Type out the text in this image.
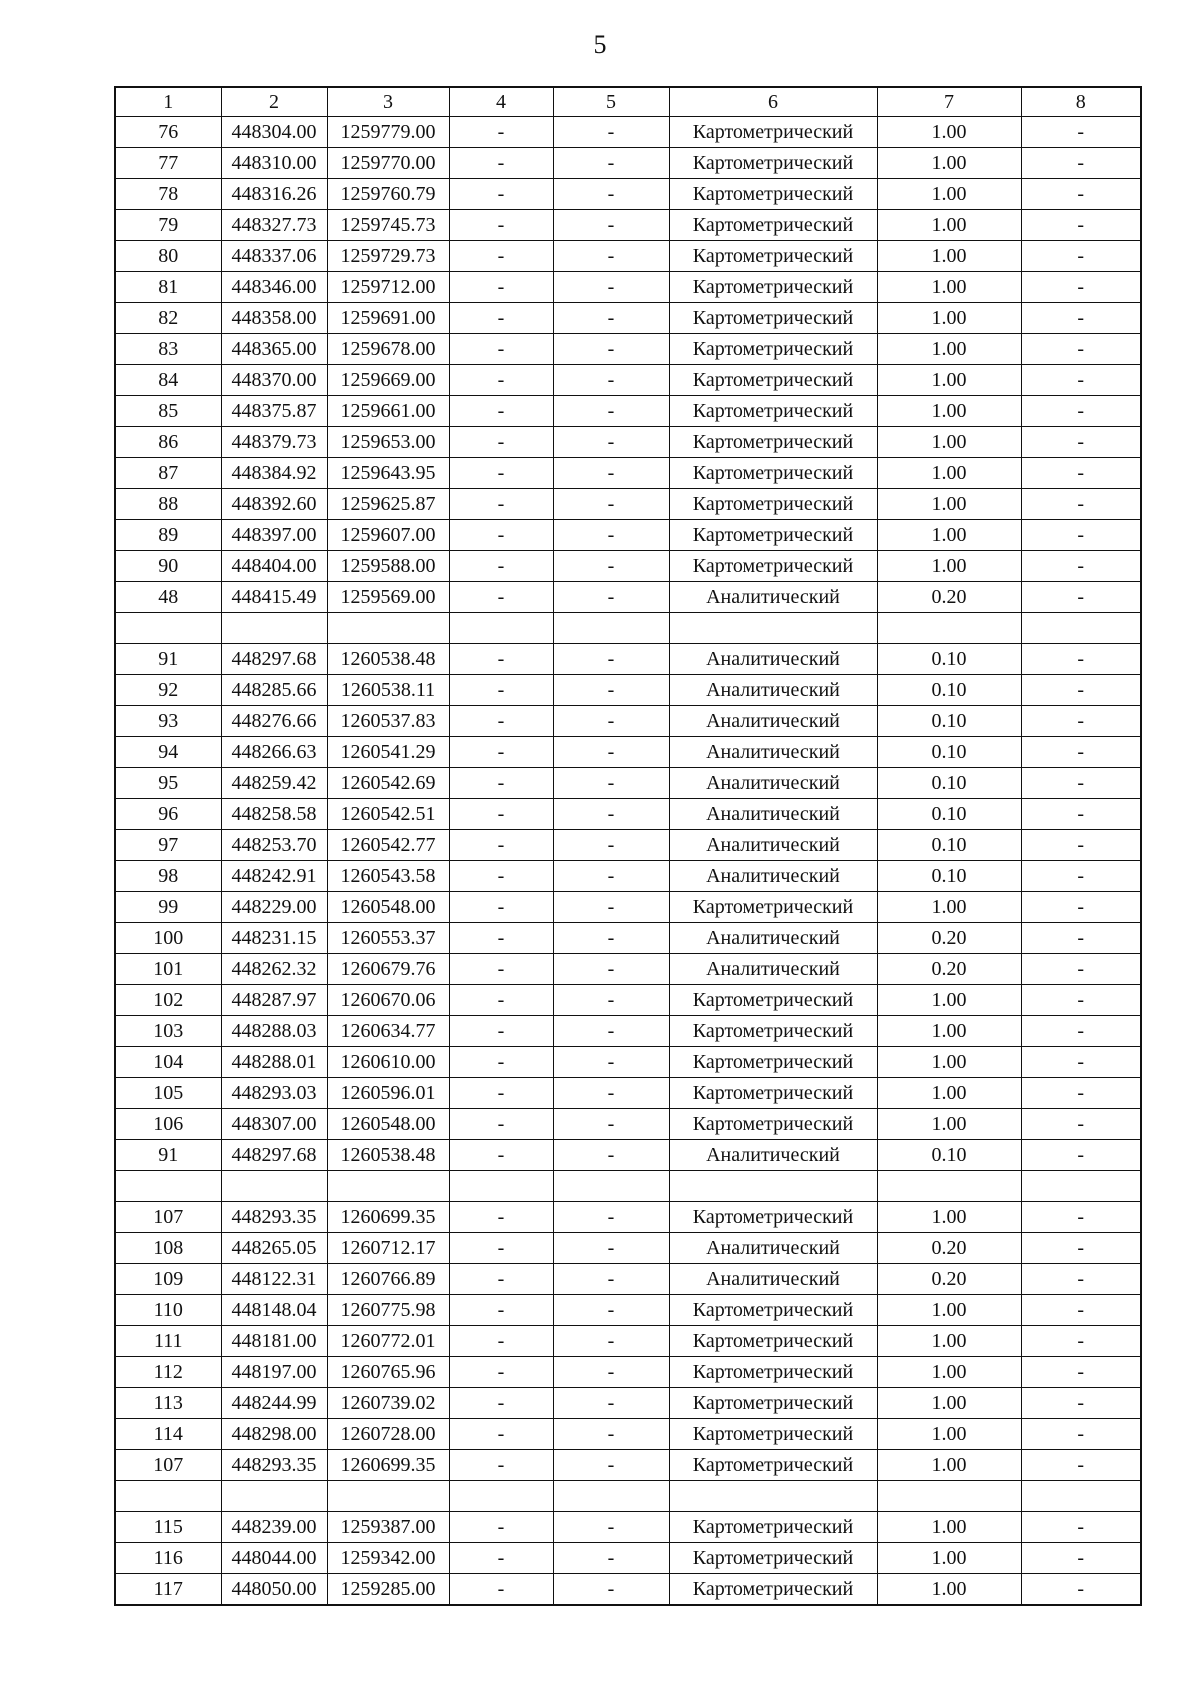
5
1	2	3	4	5	6	7	8
76	448304.00	1259779.00	-	-	Картометрический	1.00	-
77	448310.00	1259770.00	-	-	Картометрический	1.00	-
78	448316.26	1259760.79	-	-	Картометрический	1.00	-
79	448327.73	1259745.73	-	-	Картометрический	1.00	-
80	448337.06	1259729.73	-	-	Картометрический	1.00	-
81	448346.00	1259712.00	-	-	Картометрический	1.00	-
82	448358.00	1259691.00	-	-	Картометрический	1.00	-
83	448365.00	1259678.00	-	-	Картометрический	1.00	-
84	448370.00	1259669.00	-	-	Картометрический	1.00	-
85	448375.87	1259661.00	-	-	Картометрический	1.00	-
86	448379.73	1259653.00	-	-	Картометрический	1.00	-
87	448384.92	1259643.95	-	-	Картометрический	1.00	-
88	448392.60	1259625.87	-	-	Картометрический	1.00	-
89	448397.00	1259607.00	-	-	Картометрический	1.00	-
90	448404.00	1259588.00	-	-	Картометрический	1.00	-
48	448415.49	1259569.00	-	-	Аналитический	0.20	-

91	448297.68	1260538.48	-	-	Аналитический	0.10	-
92	448285.66	1260538.11	-	-	Аналитический	0.10	-
93	448276.66	1260537.83	-	-	Аналитический	0.10	-
94	448266.63	1260541.29	-	-	Аналитический	0.10	-
95	448259.42	1260542.69	-	-	Аналитический	0.10	-
96	448258.58	1260542.51	-	-	Аналитический	0.10	-
97	448253.70	1260542.77	-	-	Аналитический	0.10	-
98	448242.91	1260543.58	-	-	Аналитический	0.10	-
99	448229.00	1260548.00	-	-	Картометрический	1.00	-
100	448231.15	1260553.37	-	-	Аналитический	0.20	-
101	448262.32	1260679.76	-	-	Аналитический	0.20	-
102	448287.97	1260670.06	-	-	Картометрический	1.00	-
103	448288.03	1260634.77	-	-	Картометрический	1.00	-
104	448288.01	1260610.00	-	-	Картометрический	1.00	-
105	448293.03	1260596.01	-	-	Картометрический	1.00	-
106	448307.00	1260548.00	-	-	Картометрический	1.00	-
91	448297.68	1260538.48	-	-	Аналитический	0.10	-

107	448293.35	1260699.35	-	-	Картометрический	1.00	-
108	448265.05	1260712.17	-	-	Аналитический	0.20	-
109	448122.31	1260766.89	-	-	Аналитический	0.20	-
110	448148.04	1260775.98	-	-	Картометрический	1.00	-
111	448181.00	1260772.01	-	-	Картометрический	1.00	-
112	448197.00	1260765.96	-	-	Картометрический	1.00	-
113	448244.99	1260739.02	-	-	Картометрический	1.00	-
114	448298.00	1260728.00	-	-	Картометрический	1.00	-
107	448293.35	1260699.35	-	-	Картометрический	1.00	-

115	448239.00	1259387.00	-	-	Картометрический	1.00	-
116	448044.00	1259342.00	-	-	Картометрический	1.00	-
117	448050.00	1259285.00	-	-	Картометрический	1.00	-
